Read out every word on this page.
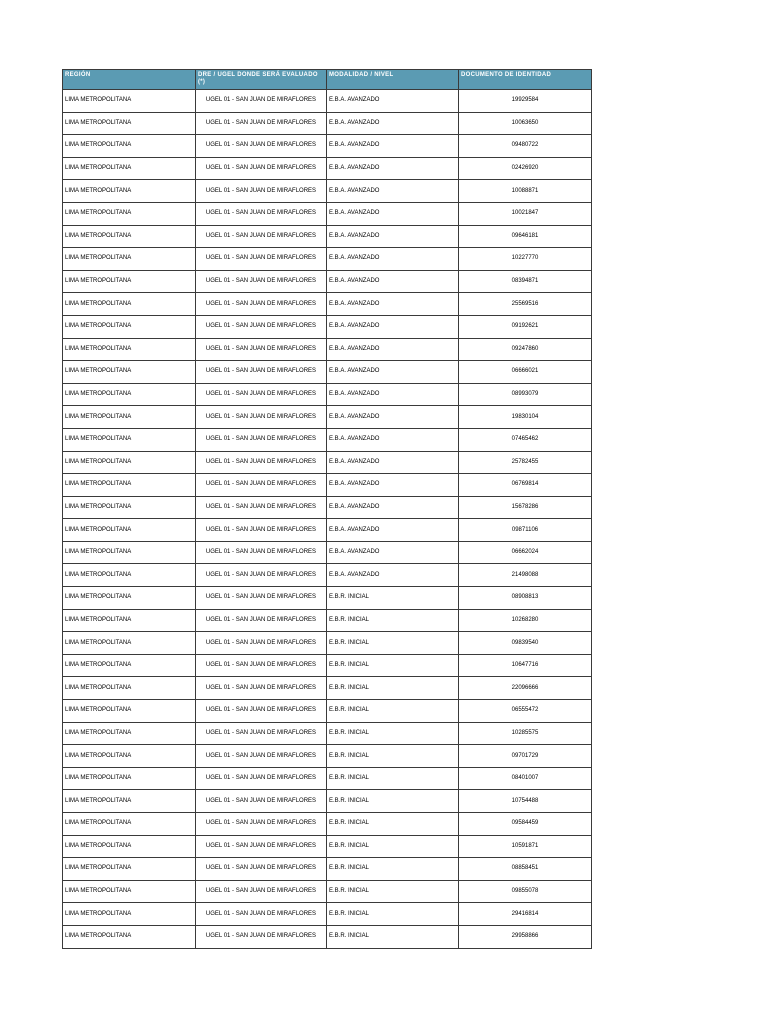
REGIÓN	DRE / UGEL DONDE SERÁ EVALUADO (*)	MODALIDAD / NIVEL	DOCUMENTO DE IDENTIDAD
LIMA METROPOLITANA	UGEL 01 - SAN JUAN DE MIRAFLORES	E.B.A. AVANZADO	19929584
LIMA METROPOLITANA	UGEL 01 - SAN JUAN DE MIRAFLORES	E.B.A. AVANZADO	10063650
LIMA METROPOLITANA	UGEL 01 - SAN JUAN DE MIRAFLORES	E.B.A. AVANZADO	09480722
LIMA METROPOLITANA	UGEL 01 - SAN JUAN DE MIRAFLORES	E.B.A. AVANZADO	02426920
LIMA METROPOLITANA	UGEL 01 - SAN JUAN DE MIRAFLORES	E.B.A. AVANZADO	10088871
LIMA METROPOLITANA	UGEL 01 - SAN JUAN DE MIRAFLORES	E.B.A. AVANZADO	10021847
LIMA METROPOLITANA	UGEL 01 - SAN JUAN DE MIRAFLORES	E.B.A. AVANZADO	09646181
LIMA METROPOLITANA	UGEL 01 - SAN JUAN DE MIRAFLORES	E.B.A. AVANZADO	10227770
LIMA METROPOLITANA	UGEL 01 - SAN JUAN DE MIRAFLORES	E.B.A. AVANZADO	08394871
LIMA METROPOLITANA	UGEL 01 - SAN JUAN DE MIRAFLORES	E.B.A. AVANZADO	25569516
LIMA METROPOLITANA	UGEL 01 - SAN JUAN DE MIRAFLORES	E.B.A. AVANZADO	09192621
LIMA METROPOLITANA	UGEL 01 - SAN JUAN DE MIRAFLORES	E.B.A. AVANZADO	09247860
LIMA METROPOLITANA	UGEL 01 - SAN JUAN DE MIRAFLORES	E.B.A. AVANZADO	06666021
LIMA METROPOLITANA	UGEL 01 - SAN JUAN DE MIRAFLORES	E.B.A. AVANZADO	08993079
LIMA METROPOLITANA	UGEL 01 - SAN JUAN DE MIRAFLORES	E.B.A. AVANZADO	19830104
LIMA METROPOLITANA	UGEL 01 - SAN JUAN DE MIRAFLORES	E.B.A. AVANZADO	07465462
LIMA METROPOLITANA	UGEL 01 - SAN JUAN DE MIRAFLORES	E.B.A. AVANZADO	25782455
LIMA METROPOLITANA	UGEL 01 - SAN JUAN DE MIRAFLORES	E.B.A. AVANZADO	06769814
LIMA METROPOLITANA	UGEL 01 - SAN JUAN DE MIRAFLORES	E.B.A. AVANZADO	15678286
LIMA METROPOLITANA	UGEL 01 - SAN JUAN DE MIRAFLORES	E.B.A. AVANZADO	09871106
LIMA METROPOLITANA	UGEL 01 - SAN JUAN DE MIRAFLORES	E.B.A. AVANZADO	06662024
LIMA METROPOLITANA	UGEL 01 - SAN JUAN DE MIRAFLORES	E.B.A. AVANZADO	21498088
LIMA METROPOLITANA	UGEL 01 - SAN JUAN DE MIRAFLORES	E.B.R. INICIAL	08908813
LIMA METROPOLITANA	UGEL 01 - SAN JUAN DE MIRAFLORES	E.B.R. INICIAL	10268280
LIMA METROPOLITANA	UGEL 01 - SAN JUAN DE MIRAFLORES	E.B.R. INICIAL	09839540
LIMA METROPOLITANA	UGEL 01 - SAN JUAN DE MIRAFLORES	E.B.R. INICIAL	10647716
LIMA METROPOLITANA	UGEL 01 - SAN JUAN DE MIRAFLORES	E.B.R. INICIAL	22096666
LIMA METROPOLITANA	UGEL 01 - SAN JUAN DE MIRAFLORES	E.B.R. INICIAL	06555472
LIMA METROPOLITANA	UGEL 01 - SAN JUAN DE MIRAFLORES	E.B.R. INICIAL	10285575
LIMA METROPOLITANA	UGEL 01 - SAN JUAN DE MIRAFLORES	E.B.R. INICIAL	09701729
LIMA METROPOLITANA	UGEL 01 - SAN JUAN DE MIRAFLORES	E.B.R. INICIAL	08401007
LIMA METROPOLITANA	UGEL 01 - SAN JUAN DE MIRAFLORES	E.B.R. INICIAL	10754488
LIMA METROPOLITANA	UGEL 01 - SAN JUAN DE MIRAFLORES	E.B.R. INICIAL	09584459
LIMA METROPOLITANA	UGEL 01 - SAN JUAN DE MIRAFLORES	E.B.R. INICIAL	10591871
LIMA METROPOLITANA	UGEL 01 - SAN JUAN DE MIRAFLORES	E.B.R. INICIAL	08858451
LIMA METROPOLITANA	UGEL 01 - SAN JUAN DE MIRAFLORES	E.B.R. INICIAL	09855078
LIMA METROPOLITANA	UGEL 01 - SAN JUAN DE MIRAFLORES	E.B.R. INICIAL	29416814
LIMA METROPOLITANA	UGEL 01 - SAN JUAN DE MIRAFLORES	E.B.R. INICIAL	29958866
